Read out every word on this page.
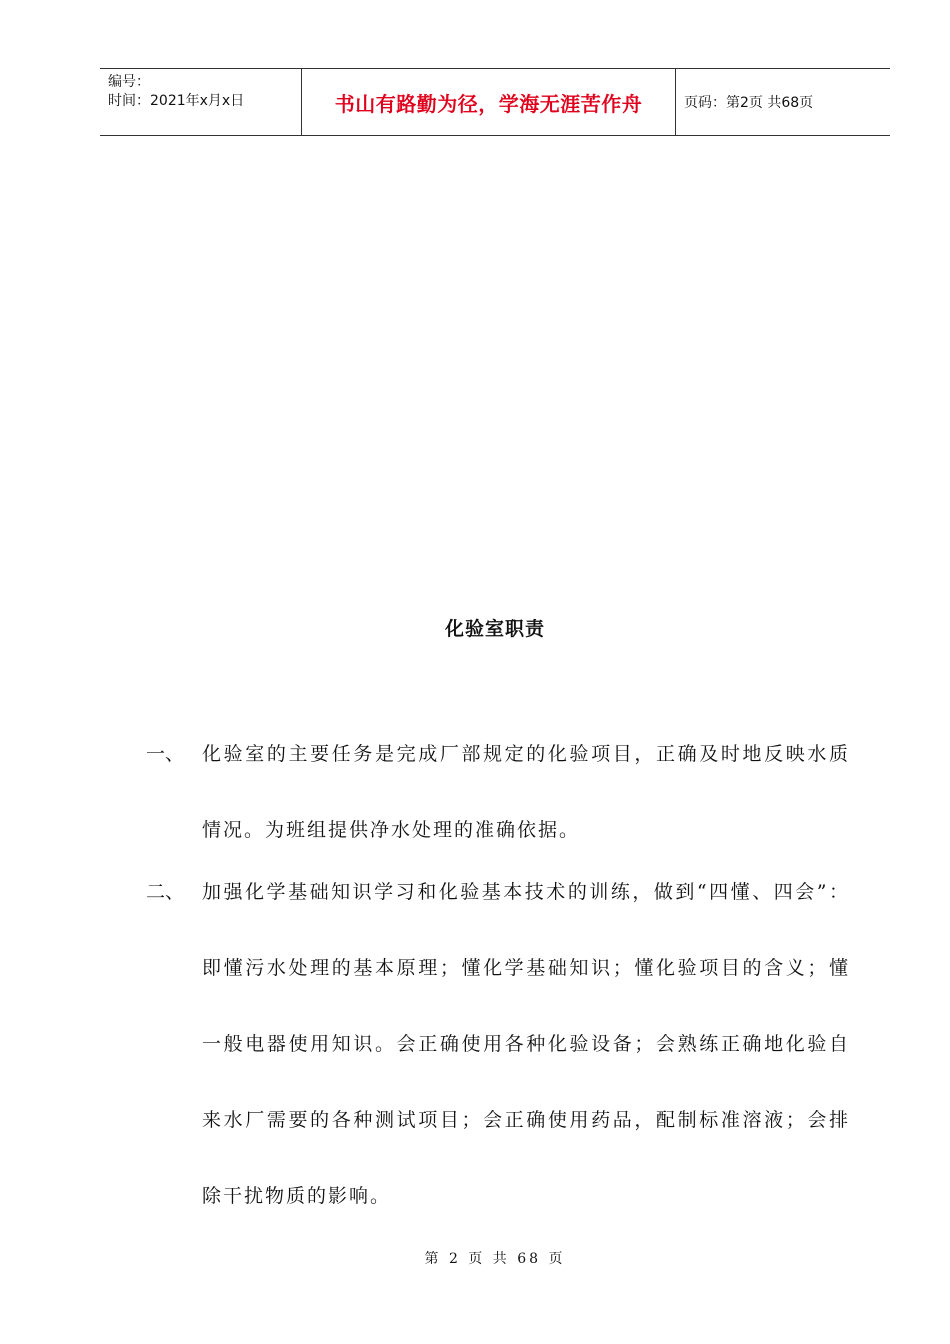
编号：
时间：2021年x月x日	书山有路勤为径，学海无涯苦作舟	页码：第2页 共68页
化验室职责
一、 化验室的主要任务是完成厂部规定的化验项目，正确及时地反映水质情况。为班组提供净水处理的准确依据。
二、 加强化学基础知识学习和化验基本技术的训练，做到“四懂、四会”：即懂污水处理的基本原理；懂化学基础知识；懂化验项目的含义；懂一般电器使用知识。会正确使用各种化验设备；会熟练正确地化验自来水厂需要的各种测试项目；会正确使用药品，配制标准溶液；会排除干扰物质的影响。
第 2 页 共 68 页
